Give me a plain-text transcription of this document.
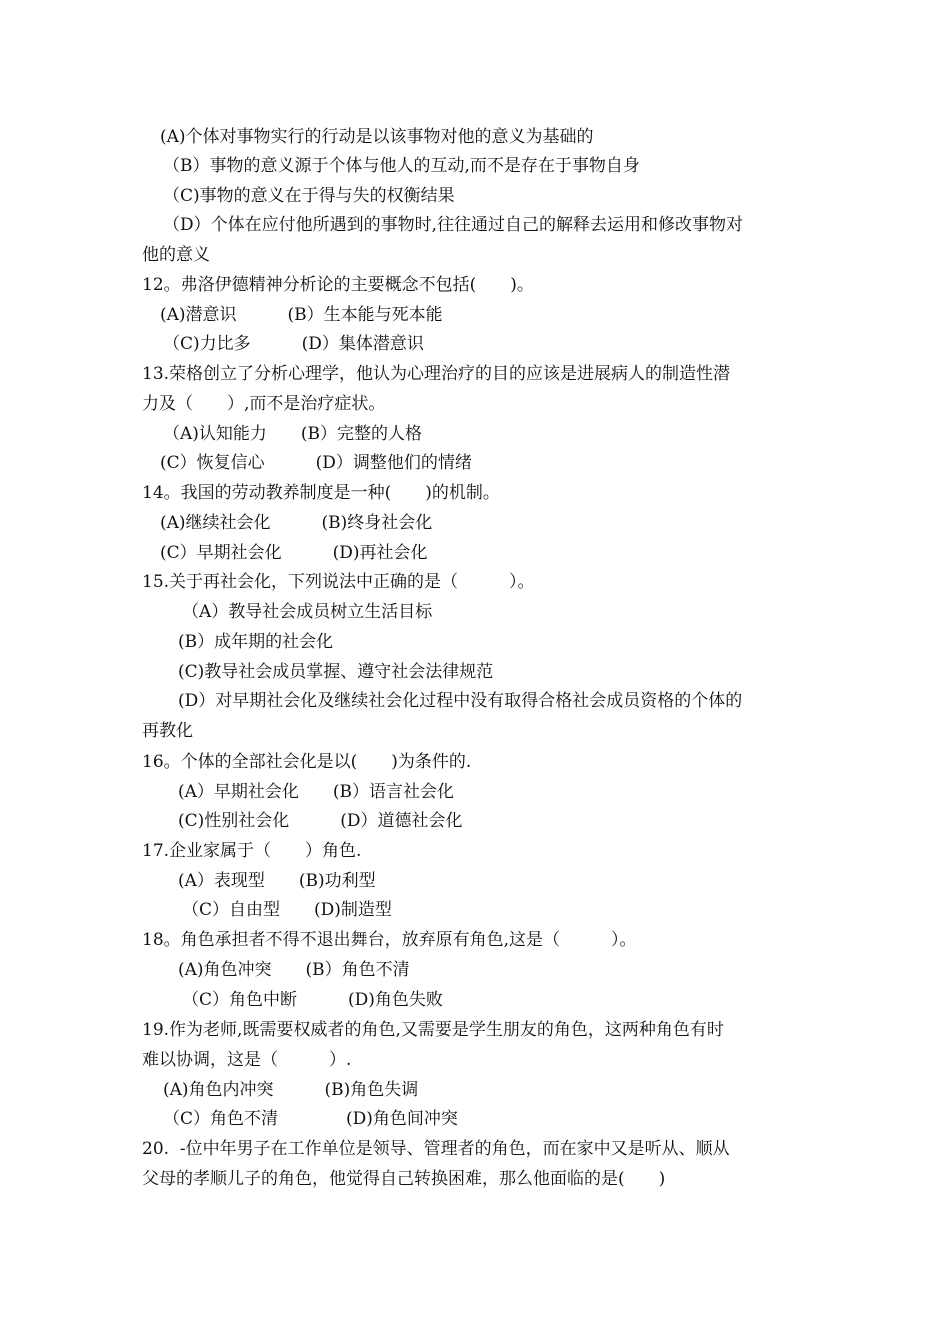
(A)个体对事物实行的行动是以该事物对他的意义为基础的
（B）事物的意义源于个体与他人的互动,而不是存在于事物自身
（C)事物的意义在于得与失的权衡结果
（D）个体在应付他所遇到的事物时,往往通过自己的解释去运用和修改事物对
他的意义
12。弗洛伊德精神分析论的主要概念不包括(　　)。
(A)潜意识　　　(B）生本能与死本能
（C)力比多　　　(D）集体潜意识
13.荣格创立了分析心理学，他认为心理治疗的目的应该是进展病人的制造性潜
力及（　　）,而不是治疗症状。
（A)认知能力　　(B）完整的人格
(C）恢复信心　　　(D）调整他们的情绪
14。我国的劳动教养制度是一种(　　)的机制。
(A)继续社会化　　　(B)终身社会化
(C）早期社会化　　　(D)再社会化
15.关于再社会化，下列说法中正确的是（　　　）。
（A）教导社会成员树立生活目标
(B）成年期的社会化
(C)教导社会成员掌握、遵守社会法律规范
(D）对早期社会化及继续社会化过程中没有取得合格社会成员资格的个体的
再教化
16。个体的全部社会化是以(　　)为条件的.
(A）早期社会化　　(B）语言社会化
(C)性别社会化　　　(D）道德社会化
17.企业家属于（　　）角色.
(A）表现型　　(B)功利型
（C）自由型　　(D)制造型
18。角色承担者不得不退出舞台，放弃原有角色,这是（　　　）。
(A)角色冲突　　(B）角色不清
（C）角色中断　　　(D)角色失败
19.作为老师,既需要权威者的角色,又需要是学生朋友的角色，这两种角色有时
难以协调，这是（　　　）.
(A)角色内冲突　　　(B)角色失调
（C）角色不清　　　　(D)角色间冲突
20.  -位中年男子在工作单位是领导、管理者的角色，而在家中又是听从、顺从
父母的孝顺儿子的角色，他觉得自己转换困难，那么他面临的是(　　)
